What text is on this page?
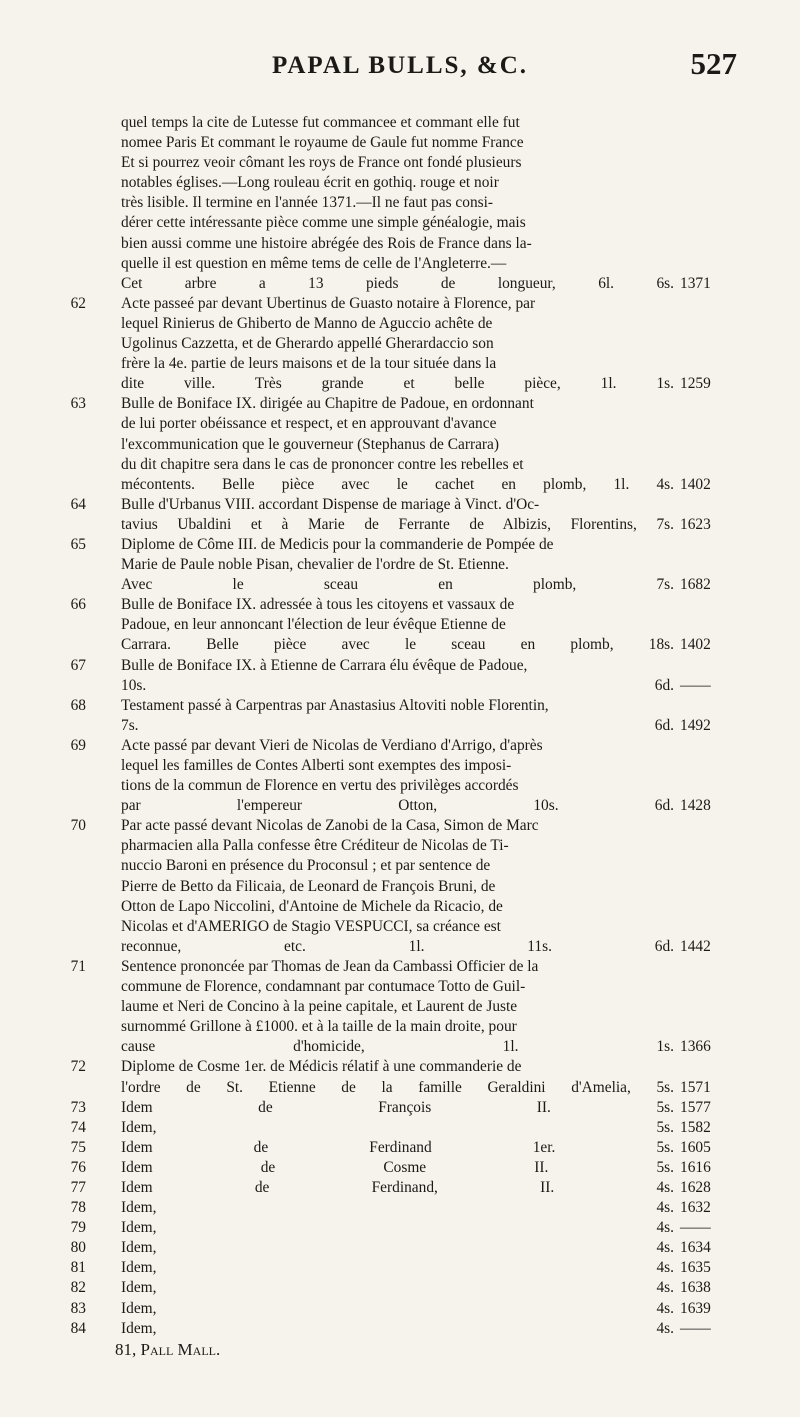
PAPAL BULLS, &C.	527
quel temps la cite de Lutesse fut commancee et commant elle fut
nomee Paris Et commant le royaume de Gaule fut nomme France
Et si pourrez veoir cômant les roys de France ont fondé plusieurs
notables églises.—Long rouleau écrit en gothiq. rouge et noir
très lisible. Il termine en l'année 1371.—Il ne faut pas consi-
dérer cette intéressante pièce comme une simple généalogie, mais
bien aussi comme une histoire abrégée des Rois de France dans la-
quelle il est question en même tems de celle de l'Angleterre.—
Cet arbre a 13 pieds de longueur, 6l. 6s. 1371
62 Acte passeé par devant Ubertinus de Guasto notaire à Florence, par
lequel Rinierus de Ghiberto de Manno de Aguccio achête de
Ugolinus Cazzetta, et de Gherardo appellé Gherardaccio son
frère la 4e. partie de leurs maisons et de la tour située dans la
dite ville. Très grande et belle pièce, 1l. 1s. 1259
63 Bulle de Boniface IX. dirigée au Chapitre de Padoue, en ordonnant
de lui porter obéissance et respect, et en approuvant d'avance
l'excommunication que le gouverneur (Stephanus de Carrara)
du dit chapitre sera dans le cas de prononcer contre les rebelles et
mécontents. Belle pièce avec le cachet en plomb, 1l. 4s. 1402
64 Bulle d'Urbanus VIII. accordant Dispense de mariage à Vinct. d'Oc-
tavius Ubaldini et à Marie de Ferrante de Albizis, Florentins, 7s. 1623
65 Diplome de Côme III. de Medicis pour la commanderie de Pompée de
Marie de Paule noble Pisan, chevalier de l'ordre de St. Etienne.
Avec le sceau en plomb, 7s. 1682
66 Bulle de Boniface IX. adressée à tous les citoyens et vassaux de
Padoue, en leur annoncant l'élection de leur évêque Etienne de
Carrara. Belle pièce avec le sceau en plomb, 18s. 1402
67 Bulle de Boniface IX. à Etienne de Carrara élu évêque de Padoue,
10s. 6d. ——
68 Testament passé à Carpentras par Anastasius Altoviti noble Florentin,
7s. 6d. 1492
69 Acte passé par devant Vieri de Nicolas de Verdiano d'Arrigo, d'après
lequel les familles de Contes Alberti sont exemptes des imposi-
tions de la commun de Florence en vertu des privilèges accordés
par l'empereur Otton, 10s. 6d. 1428
70 Par acte passé devant Nicolas de Zanobi de la Casa, Simon de Marc
pharmacien alla Palla confesse être Créditeur de Nicolas de Ti-
nuccio Baroni en présence du Proconsul ; et par sentence de
Pierre de Betto da Filicaia, de Leonard de François Bruni, de
Otton de Lapo Niccolini, d'Antoine de Michele da Ricacio, de
Nicolas et d'AMERIGO de Stagio VESPUCCI, sa créance est
reconnue, etc. 1l. 11s. 6d. 1442
71 Sentence prononcée par Thomas de Jean da Cambassi Officier de la
commune de Florence, condamnant par contumace Totto de Guil-
laume et Neri de Concino à la peine capitale, et Laurent de Juste
surnommé Grillone à £1000. et à la taille de la main droite, pour
cause d'homicide, 1l. 1s. 1366
72 Diplome de Cosme 1er. de Médicis rélatif à une commanderie de
l'ordre de St. Etienne de la famille Geraldini d'Amelia, 5s. 1571
73 Idem de François II. 5s. 1577
74 Idem, 5s. 1582
75 Idem de Ferdinand 1er. 5s. 1605
76 Idem de Cosme II. 5s. 1616
77 Idem de Ferdinand, II. 4s. 1628
78 Idem, 4s. 1632
79 Idem, 4s. ——
80 Idem, 4s. 1634
81 Idem, 4s. 1635
82 Idem, 4s. 1638
83 Idem, 4s. 1639
84 Idem, 4s. ——
81, Pall Mall.
